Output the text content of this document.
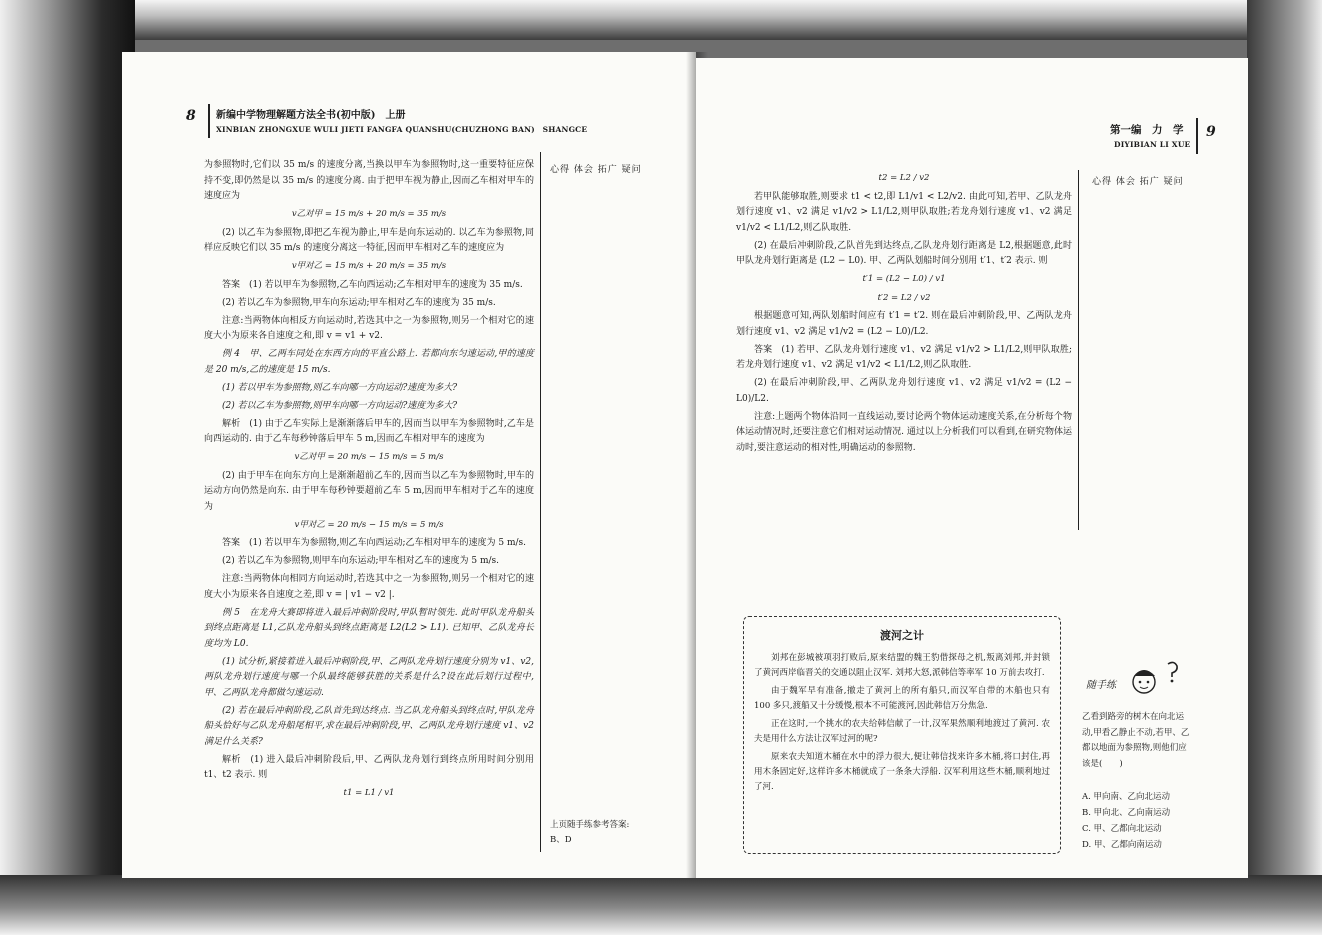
8 新编中学物理解题方法全书(初中版)　上册
XINBIAN ZHONGXUE WULI JIETI FANGFA QUANSHU(CHUZHONG BAN)　SHANGCE
心得 体会 拓广 疑问
上页随手练参考答案:
B、D

为参照物时,它们以 35 m/s 的速度分离,当换以甲车为参照物时,这一重要特征应保持不变,即仍然是以 35 m/s 的速度分离. 由于把甲车视为静止,因而乙车相对甲车的速度应为

v乙对甲 = 15 m/s + 20 m/s = 35 m/s

(2) 以乙车为参照物,即把乙车视为静止,甲车是向东运动的. 以乙车为参照物,同样应反映它们以 35 m/s 的速度分离这一特征,因而甲车相对乙车的速度应为

v甲对乙 = 15 m/s + 20 m/s = 35 m/s

答案　(1) 若以甲车为参照物,乙车向西运动;乙车相对甲车的速度为 35 m/s.

(2) 若以乙车为参照物,甲车向东运动;甲车相对乙车的速度为 35 m/s.

注意:当两物体向相反方向运动时,若选其中之一为参照物,则另一个相对它的速度大小为原来各自速度之和,即 v = v1 + v2.

例 4　甲、乙两车同处在东西方向的平直公路上. 若都向东匀速运动,甲的速度是 20 m/s,乙的速度是 15 m/s.

(1) 若以甲车为参照物,则乙车向哪一方向运动?速度为多大?

(2) 若以乙车为参照物,则甲车向哪一方向运动?速度为多大?

解析　(1) 由于乙车实际上是渐渐落后甲车的,因而当以甲车为参照物时,乙车是向西运动的. 由于乙车每秒钟落后甲车 5 m,因而乙车相对甲车的速度为

v乙对甲 = 20 m/s − 15 m/s = 5 m/s

(2) 由于甲车在向东方向上是渐渐超前乙车的,因而当以乙车为参照物时,甲车的运动方向仍然是向东. 由于甲车每秒钟要超前乙车 5 m,因而甲车相对于乙车的速度为

v甲对乙 = 20 m/s − 15 m/s = 5 m/s

答案　(1) 若以甲车为参照物,则乙车向西运动;乙车相对甲车的速度为 5 m/s.

(2) 若以乙车为参照物,则甲车向东运动;甲车相对乙车的速度为 5 m/s.

注意:当两物体向相同方向运动时,若选其中之一为参照物,则另一个相对它的速度大小为原来各自速度之差,即 v = | v1 − v2 |.

例 5　在龙舟大赛即将进入最后冲刺阶段时,甲队暂时领先. 此时甲队龙舟船头到终点距离是 L1,乙队龙舟船头到终点距离是 L2(L2 > L1). 已知甲、乙队龙舟长度均为 L0.

(1) 试分析,紧接着进入最后冲刺阶段,甲、乙两队龙舟划行速度分别为 v1、v2,两队龙舟划行速度与哪一个队最终能够获胜的关系是什么?设在此后划行过程中,甲、乙两队龙舟都做匀速运动.

(2) 若在最后冲刺阶段,乙队首先到达终点. 当乙队龙舟船头到终点时,甲队龙舟船头恰好与乙队龙舟船尾相平,求在最后冲刺阶段,甲、乙两队龙舟划行速度 v1、v2 满足什么关系?

解析　(1) 进入最后冲刺阶段后,甲、乙两队龙舟划行到终点所用时间分别用 t1、t2 表示. 则

t1 = L1 / v1

第一编　力　学
DIYIBIAN LI XUE
9
心得 体会 拓广 疑问

t2 = L2 / v2

若甲队能够取胜,则要求 t1 < t2,即 L1/v1 < L2/v2. 由此可知,若甲、乙队龙舟划行速度 v1、v2 满足 v1/v2 > L1/L2,则甲队取胜;若龙舟划行速度 v1、v2 满足 v1/v2 < L1/L2,则乙队取胜.

(2) 在最后冲刺阶段,乙队首先到达终点,乙队龙舟划行距离是 L2,根据题意,此时甲队龙舟划行距离是 (L2 − L0). 甲、乙两队划船时间分别用 t′1、t′2 表示. 则

t′1 = (L2 − L0) / v1

t′2 = L2 / v2

根据题意可知,两队划船时间应有 t′1 = t′2. 则在最后冲刺阶段,甲、乙两队龙舟划行速度 v1、v2 满足 v1/v2 = (L2 − L0)/L2.

答案　(1) 若甲、乙队龙舟划行速度 v1、v2 满足 v1/v2 > L1/L2,则甲队取胜;若龙舟划行速度 v1、v2 满足 v1/v2 < L1/L2,则乙队取胜.

(2) 在最后冲刺阶段,甲、乙两队龙舟划行速度 v1、v2 满足 v1/v2 = (L2 − L0)/L2.

注意:上题两个物体沿同一直线运动,要讨论两个物体运动速度关系,在分析每个物体运动情况时,还要注意它们相对运动情况. 通过以上分析我们可以看到,在研究物体运动时,要注意运动的相对性,明确运动的参照物.

渡河之计

刘邦在彭城被项羽打败后,原来结盟的魏王豹借探母之机,叛离刘邦,并封锁了黄河西岸临晋关的交通以阻止汉军. 刘邦大怒,派韩信等率军 10 万前去攻打.

由于魏军早有准备,撤走了黄河上的所有船只,而汉军自带的木船也只有 100 多只,渡船又十分缓慢,根本不可能渡河,因此韩信万分焦急.

正在这时,一个挑水的农夫给韩信献了一计,汉军果然顺利地渡过了黄河. 农夫是用什么方法让汉军过河的呢?

原来农夫知道木桶在水中的浮力很大,便让韩信找来许多木桶,将口封住,再用木条固定好,这样许多木桶就成了一条条大浮船. 汉军利用这些木桶,顺利地过了河.

随手练
乙看到路旁的树木在向北运动,甲看乙静止不动,若甲、乙都以地面为参照物,则他们应该是(　　)
A. 甲向南、乙向北运动
B. 甲向北、乙向南运动
C. 甲、乙都向北运动
D. 甲、乙都向南运动
